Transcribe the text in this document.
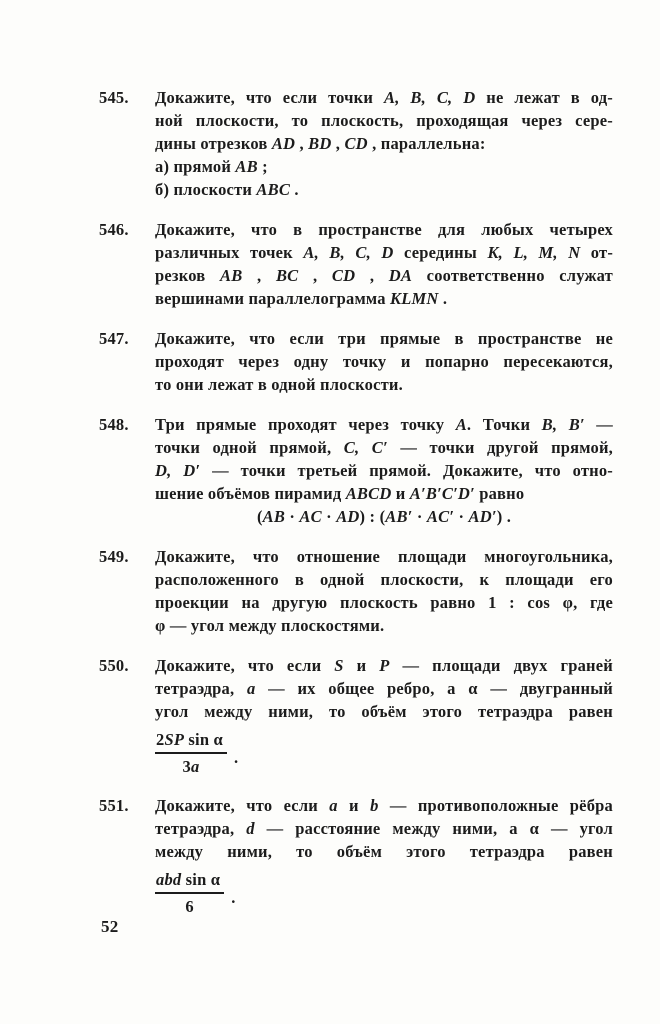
545.	Докажите, что если точки A, B, C, D не лежат в од-
ной плоскости, то плоскость, проходящая через сере-
дины отрезков AD , BD , CD , параллельна:
а) прямой AB ;
б) плоскости ABC .
546.	Докажите, что в пространстве для любых четырех
различных точек A, B, C, D середины K, L, M, N от-
резков AB , BC , CD , DA соответственно служат
вершинами параллелограмма KLMN .
547.	Докажите, что если три прямые в пространстве не
проходят через одну точку и попарно пересекаются,
то они лежат в одной плоскости.
548.	Три прямые проходят через точку A. Точки B, B′ —
точки одной прямой, C, C′ — точки другой прямой,
D, D′ — точки третьей прямой. Докажите, что отно-
шение объёмов пирамид ABCD и A′B′C′D′ равно
(AB · AC · AD) : (AB′ · AC′ · AD′) .
549.	Докажите, что отношение площади многоугольника,
расположенного в одной плоскости, к площади его
проекции на другую плоскость равно 1 : cos φ, где
φ — угол между плоскостями.
550.	Докажите, что если S и P — площади двух граней
тетраэдра, a — их общее ребро, а α — двугранный
угол между ними, то объём этого тетраэдра равен
$\frac{\text{2SP sin α}}{3a}$ .
551.	Докажите, что если a и b — противоположные рёбра
тетраэдра, d — расстояние между ними, а α — угол
между ними, то объём этого тетраэдра равен
$\frac{\text{abd sin α}}{6}$ .
52
